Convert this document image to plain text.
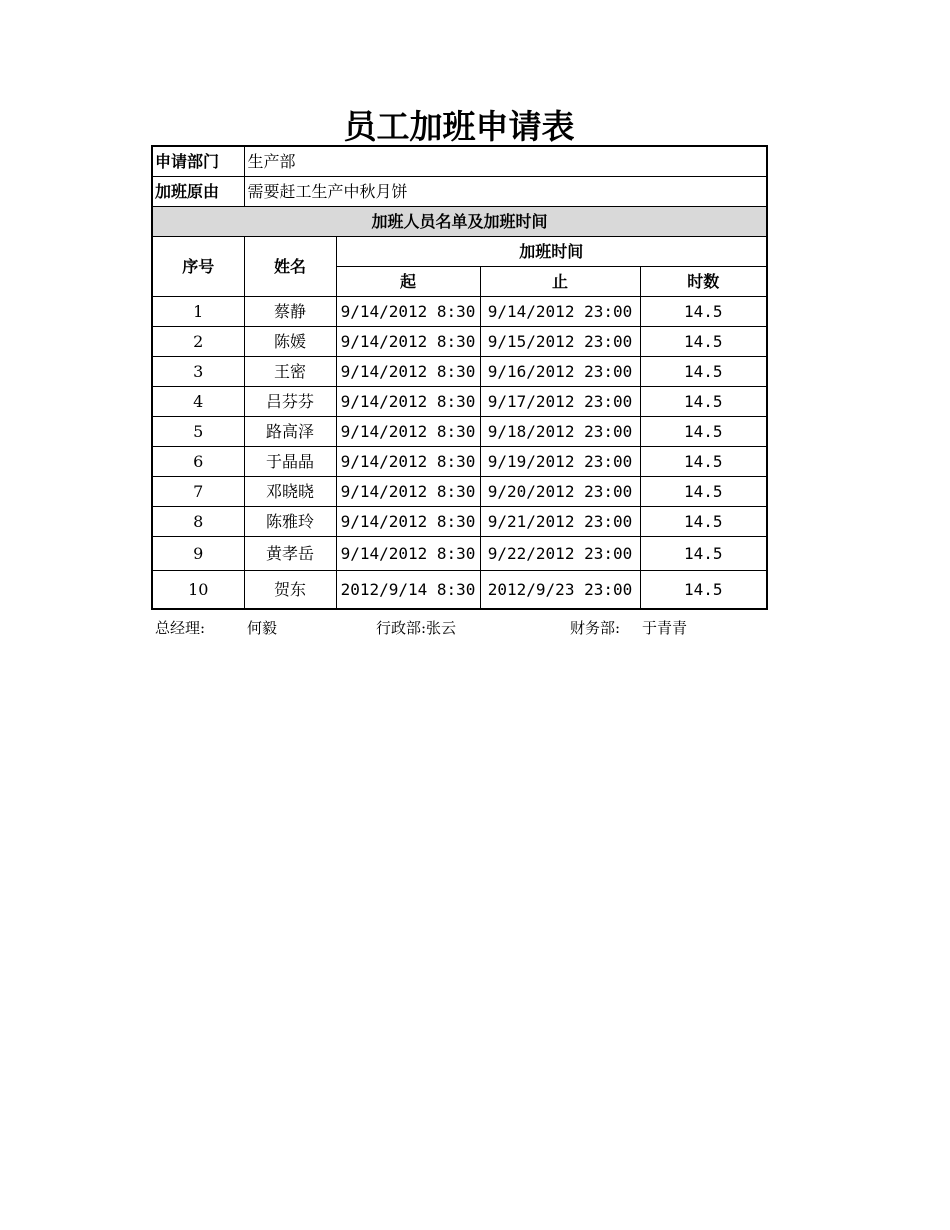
员工加班申请表
申请部门	生产部			
加班原由	需要赶工生产中秋月饼			
加班人员名单及加班时间				
序号	姓名	加班时间		
		起	止	时数
1	蔡静	9/14/2012 8:30	9/14/2012 23:00	14.5
2	陈媛	9/14/2012 8:30	9/15/2012 23:00	14.5
3	王密	9/14/2012 8:30	9/16/2012 23:00	14.5
4	吕芬芬	9/14/2012 8:30	9/17/2012 23:00	14.5
5	路高泽	9/14/2012 8:30	9/18/2012 23:00	14.5
6	于晶晶	9/14/2012 8:30	9/19/2012 23:00	14.5
7	邓晓晓	9/14/2012 8:30	9/20/2012 23:00	14.5
8	陈雅玲	9/14/2012 8:30	9/21/2012 23:00	14.5
9	黄孝岳	9/14/2012 8:30	9/22/2012 23:00	14.5
10	贺东	2012/9/14 8:30	2012/9/23 23:00	14.5
总经理:	何毅	行政部:张云	财务部: 于青青
